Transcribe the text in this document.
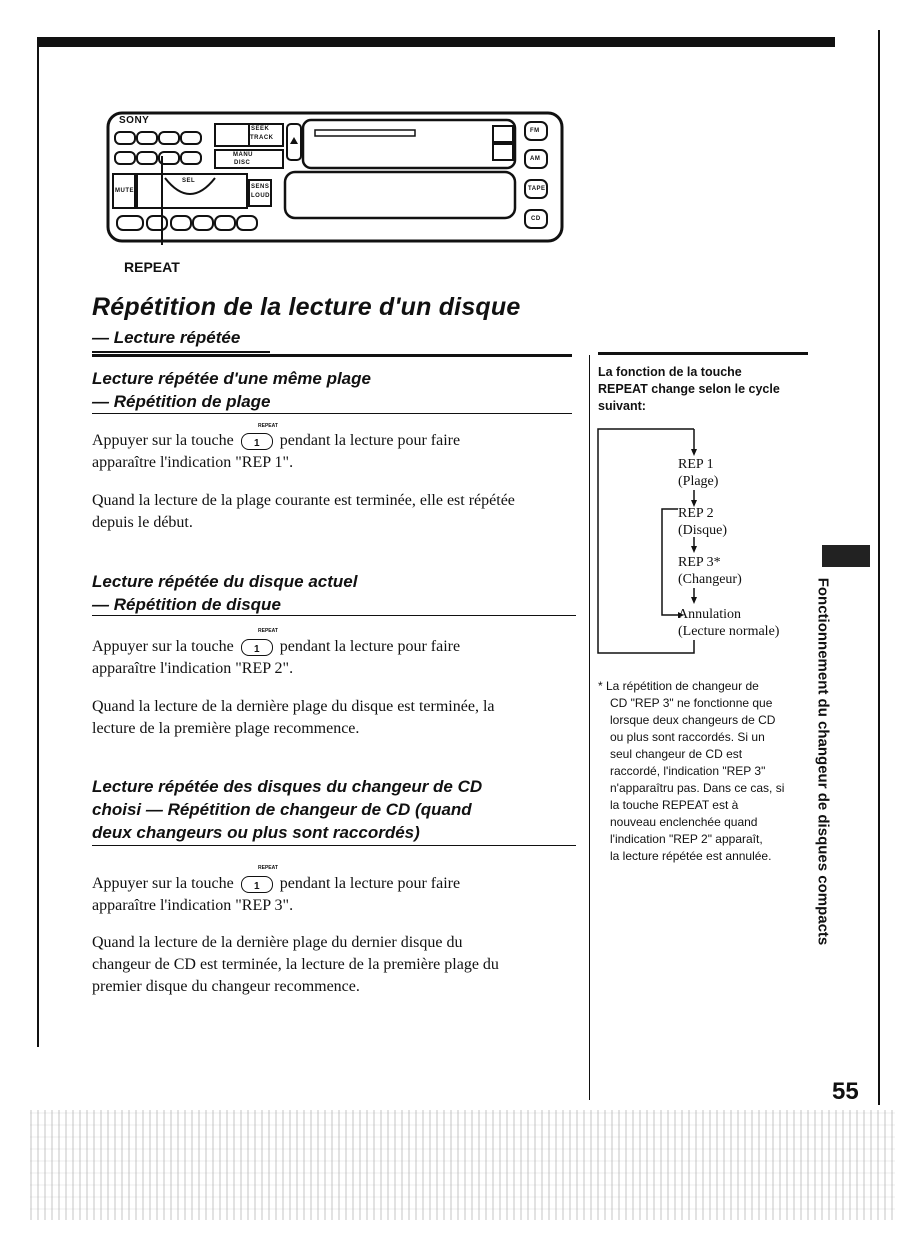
SONY
SEEK
TRACK
MANU
DISC
MUTE
SEL
SENS
LOUD
FM
AM
TAPE
CD
REPEAT
Répétition de la lecture d'un disque
— Lecture répétée
Lecture répétée d'une même plage
— Répétition de plage
Appuyer sur la touche	1	pendant la lecture pour faire
apparaître l'indication "REP 1".
REPEAT
Quand la lecture de la plage courante est terminée, elle est répétée
depuis le début.
Lecture répétée du disque actuel
— Répétition de disque
Appuyer sur la touche	1	pendant la lecture pour faire
apparaître l'indication "REP 2".
REPEAT
Quand la lecture de la dernière plage du disque est terminée, la
lecture de la première plage recommence.
Lecture répétée des disques du changeur de CD
choisi — Répétition de changeur de CD (quand
deux changeurs ou plus sont raccordés)
Appuyer sur la touche	1	pendant la lecture pour faire
apparaître l'indication "REP 3".
REPEAT
Quand la lecture de la dernière plage du dernier disque du
changeur de CD est terminée, la lecture de la première plage du
premier disque du changeur recommence.
La fonction de la touche
REPEAT change selon le cycle
suivant:
REP 1
(Plage)
REP 2
(Disque)
REP 3*
(Changeur)
Annulation
(Lecture normale)
* La répétition de changeur de
CD "REP 3" ne fonctionne que
lorsque deux changeurs de CD
ou plus sont raccordés. Si un
seul changeur de CD est
raccordé, l'indication "REP 3"
n'apparaîtru pas. Dans ce cas, si
la touche REPEAT est à
nouveau enclenchée quand
l'indication "REP 2" apparaît,
la lecture répétée est annulée.	Fonctionnement du changeur de disques compacts
55
